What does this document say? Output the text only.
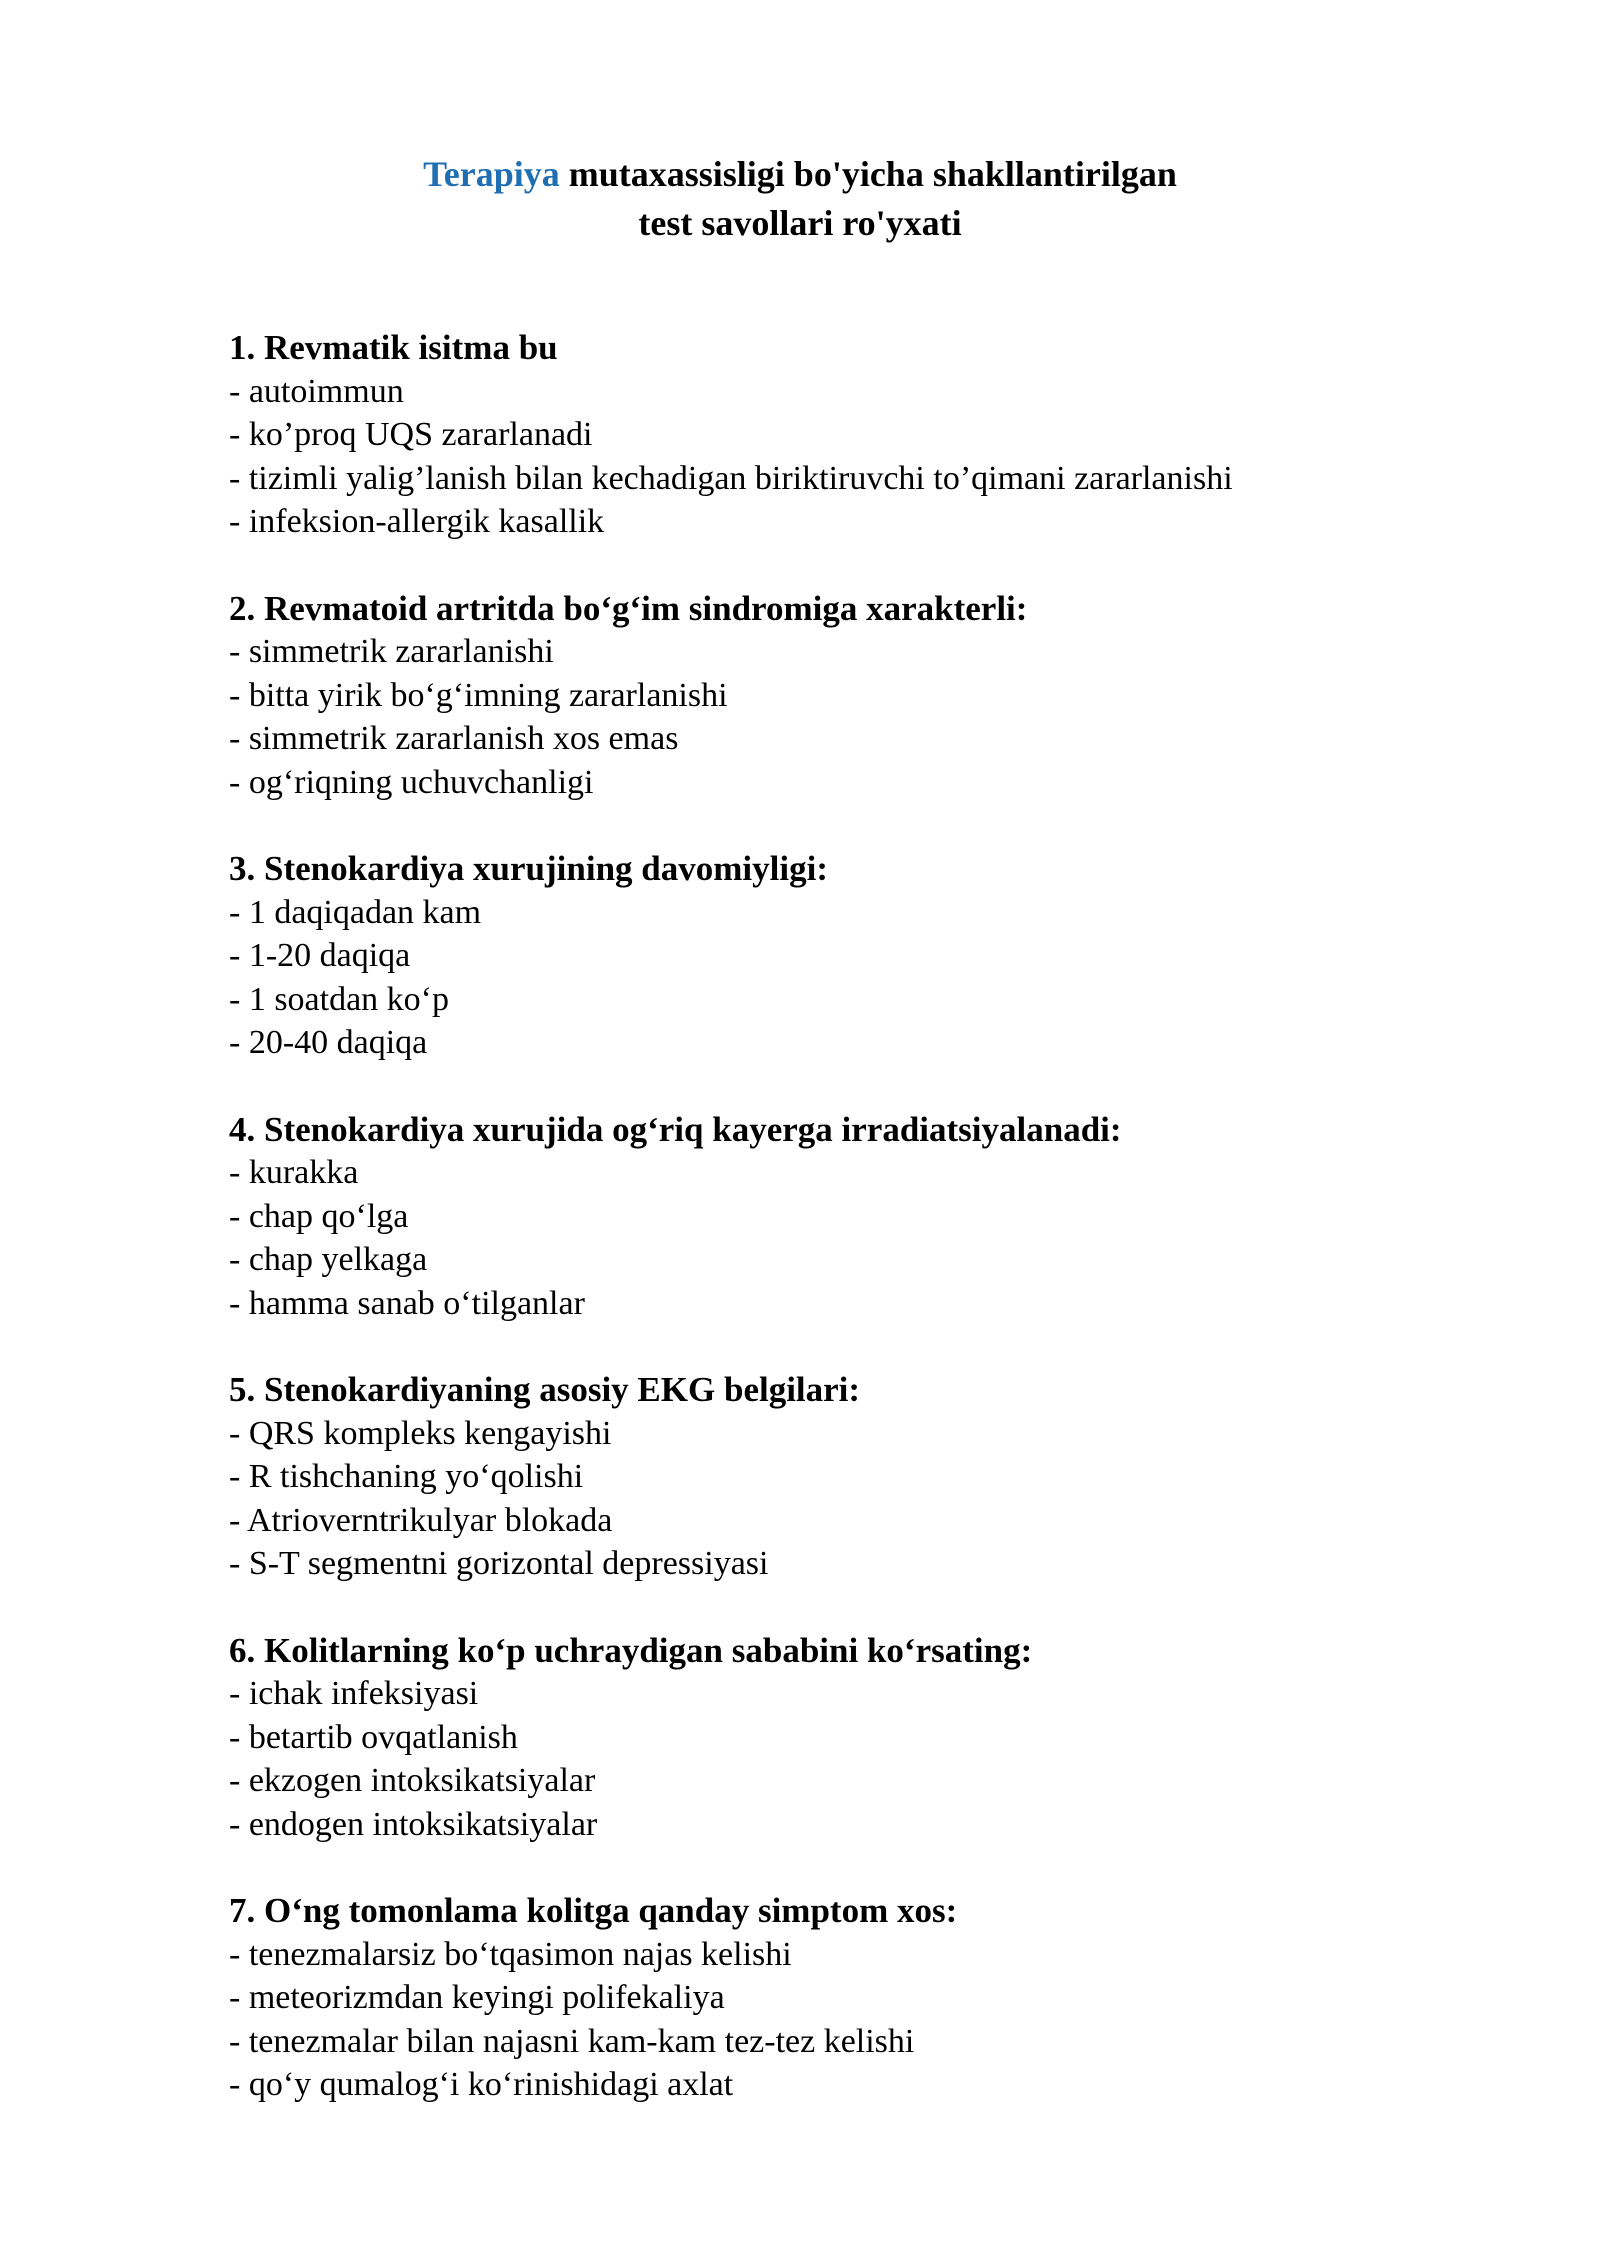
Terapiya mutaxassisligi bo'yicha shakllantirilgan
test savollari ro'yxati
1. Revmatik isitma bu
- autoimmun
- ko’proq UQS zararlanadi
- tizimli yalig’lanish bilan kechadigan biriktiruvchi to’qimani zararlanishi
- infeksion-allergik kasallik
2. Revmatoid artritda bo‘g‘im sindromiga xarakterli:
- simmetrik zararlanishi
- bitta yirik bo‘g‘imning zararlanishi
- simmetrik zararlanish xos emas
- og‘riqning uchuvchanligi
3. Stenokardiya xurujining davomiyligi:
- 1 daqiqadan kam
- 1-20 daqiqa
- 1 soatdan ko‘p
- 20-40 daqiqa
4. Stenokardiya xurujida og‘riq kayerga irradiatsiyalanadi:
- kurakka
- chap qo‘lga
- chap yelkaga
- hamma sanab o‘tilganlar
5. Stenokardiyaning asosiy EKG belgilari:
- QRS kompleks kengayishi
- R tishchaning yo‘qolishi
- Atrioverntrikulyar blokada
- S-T segmentni gorizontal depressiyasi
6. Kolitlarning ko‘p uchraydigan sababini ko‘rsating:
- ichak infeksiyasi
- betartib ovqatlanish
- ekzogen intoksikatsiyalar
- endogen intoksikatsiyalar
7. O‘ng tomonlama kolitga qanday simptom xos:
- tenezmalarsiz bo‘tqasimon najas kelishi
- meteorizmdan keyingi polifekaliya
- tenezmalar bilan najasni kam-kam tez-tez kelishi
- qo‘y qumalog‘i ko‘rinishidagi axlat
